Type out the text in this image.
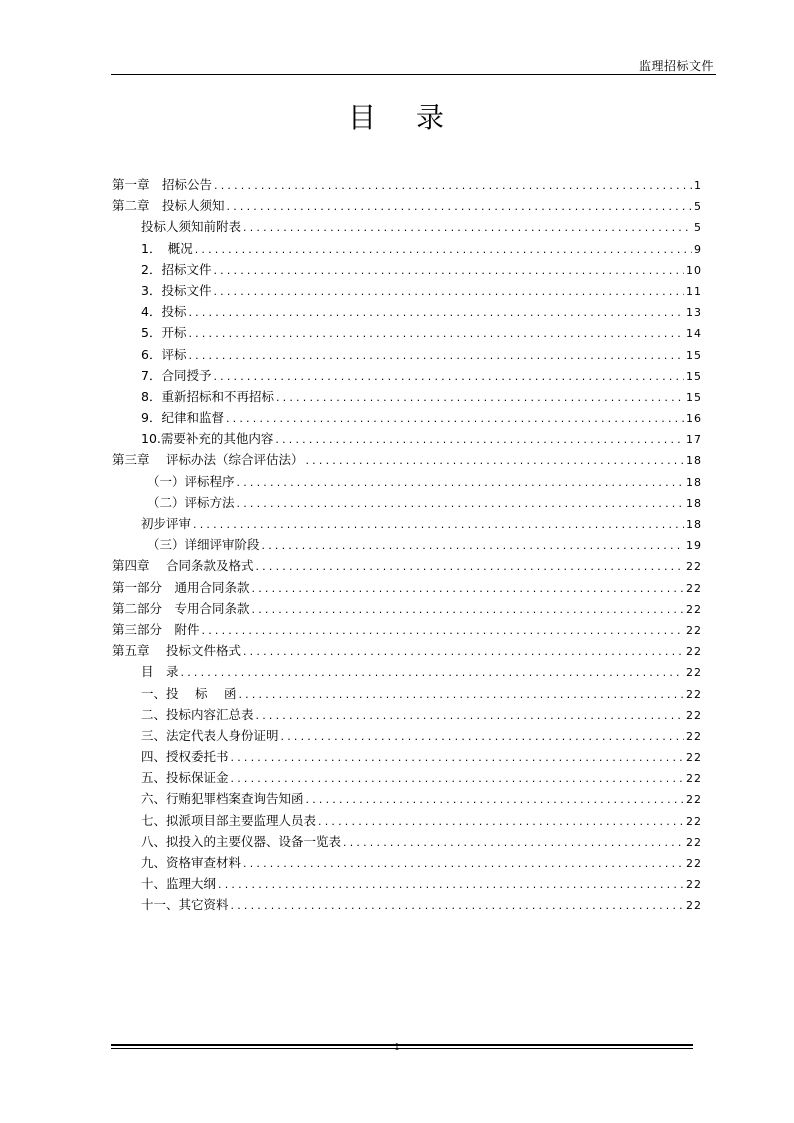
监理招标文件
目 录
第一章　招标公告 .....	1
第二章　投标人须知 .....	5
投标人须知前附表 .....	5
1．　概况 .....	9
2．招标文件 .....	10
3．投标文件 .....	11
4．投标 .....	13
5．开标 .....	14
6．评标 .....	15
7．合同授予 .....	15
8．重新招标和不再招标 .....	15
9．纪律和监督 .....	16
10.需要补充的其他内容 .....	17
第三章　 评标办法（综合评估法） .....	18
（一）评标程序 .....	18
（二）评标方法 .....	18
初步评审 .....	18
（三）详细评审阶段 .....	19
第四章　 合同条款及格式 .....	22
第一部分　通用合同条款 .....	22
第二部分　专用合同条款 .....	22
第三部分　附件 .....	22
第五章　 投标文件格式 .....	22
目　录 .....	22
一、投　 标　 函 .....	22
二、投标内容汇总表 .....	22
三、法定代表人身份证明 .....	22
四、授权委托书 .....	22
五、投标保证金 .....	22
六、行贿犯罪档案查询告知函 .....	22
七、拟派项目部主要监理人员表 .....	22
八、拟投入的主要仪器、设备一览表 .....	22
九、资格审查材料 .....	22
十、监理大纲 .....	22
十一、其它资料 .....	22
1
